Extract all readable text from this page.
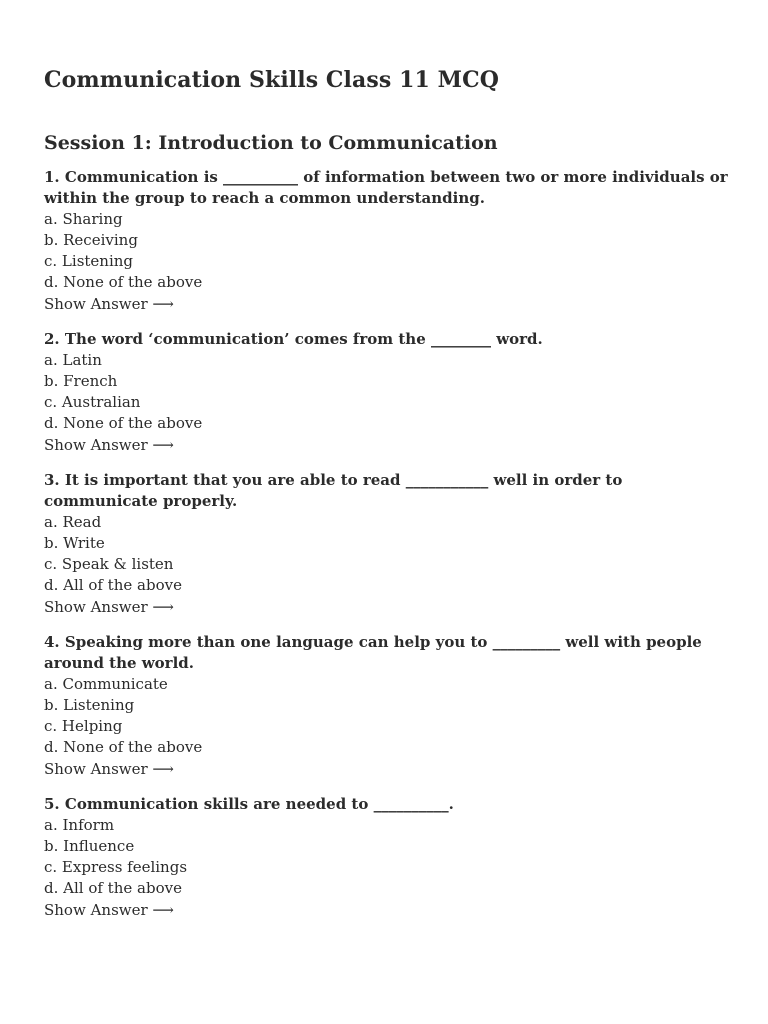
Communication Skills Class 11 MCQ
Session 1: Introduction to Communication

1. Communication is __________ of information between two or more individuals or within the group to reach a common understanding.

a. Sharing
b. Receiving
c. Listening
d. None of the above
Show Answer ⟶

2. The word ‘communication’ comes from the ________ word.

a. Latin
b. French
c. Australian
d. None of the above
Show Answer ⟶

3. It is important that you are able to read ___________ well in order to communicate properly.

a. Read
b. Write
c. Speak & listen
d. All of the above
Show Answer ⟶

4. Speaking more than one language can help you to _________ well with people around the world.

a. Communicate
b. Listening
c. Helping
d. None of the above
Show Answer ⟶

5. Communication skills are needed to __________.

a. Inform
b. Influence
c. Express feelings
d. All of the above
Show Answer ⟶
